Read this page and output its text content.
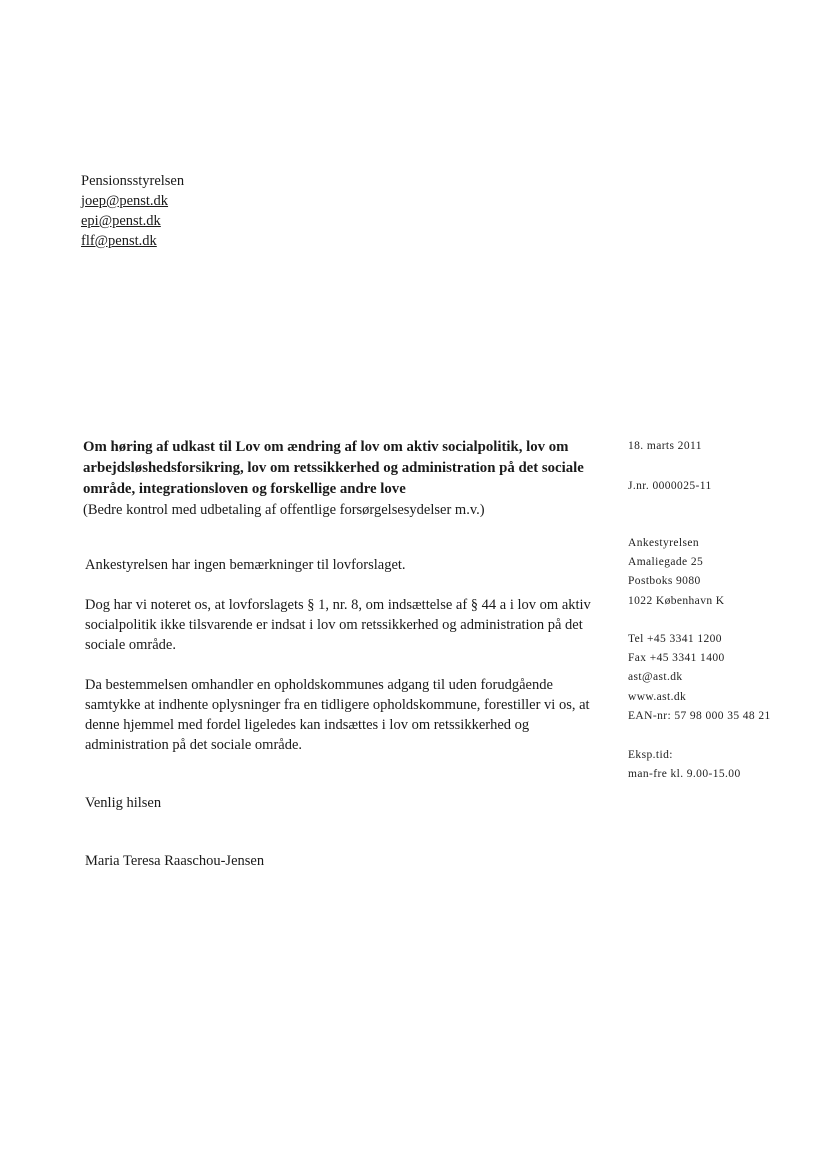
Pensionsstyrelsen
joep@penst.dk
epi@penst.dk
flf@penst.dk

Om høring af udkast til Lov om ændring af lov om aktiv socialpolitik, lov om arbejdsløshedsforsikring, lov om retssikkerhed og administration på det sociale område, integrationsloven og forskellige andre love

(Bedre kontrol med udbetaling af offentlige forsørgelsesydelser m.v.)

Ankestyrelsen har ingen bemærkninger til lovforslaget.

Dog har vi noteret os, at lovforslagets § 1, nr. 8, om indsættelse af § 44 a i lov om aktiv socialpolitik ikke tilsvarende er indsat i lov om retssikkerhed og administration på det sociale område.

Da bestemmelsen omhandler en opholdskommunes adgang til uden forudgående samtykke at indhente oplysninger fra en tidligere opholdskommune, forestiller vi os, at denne hjemmel med fordel ligeledes kan indsættes i lov om retssikkerhed og administration på det sociale område.

Venlig hilsen

Maria Teresa Raaschou-Jensen

18. marts 2011
J.nr. 0000025-11
Ankestyrelsen
Amaliegade 25
Postboks 9080
1022 København K
Tel +45 3341 1200
Fax +45 3341 1400
ast@ast.dk
www.ast.dk
EAN-nr: 57 98 000 35 48 21
Eksp.tid:
man-fre kl. 9.00-15.00
